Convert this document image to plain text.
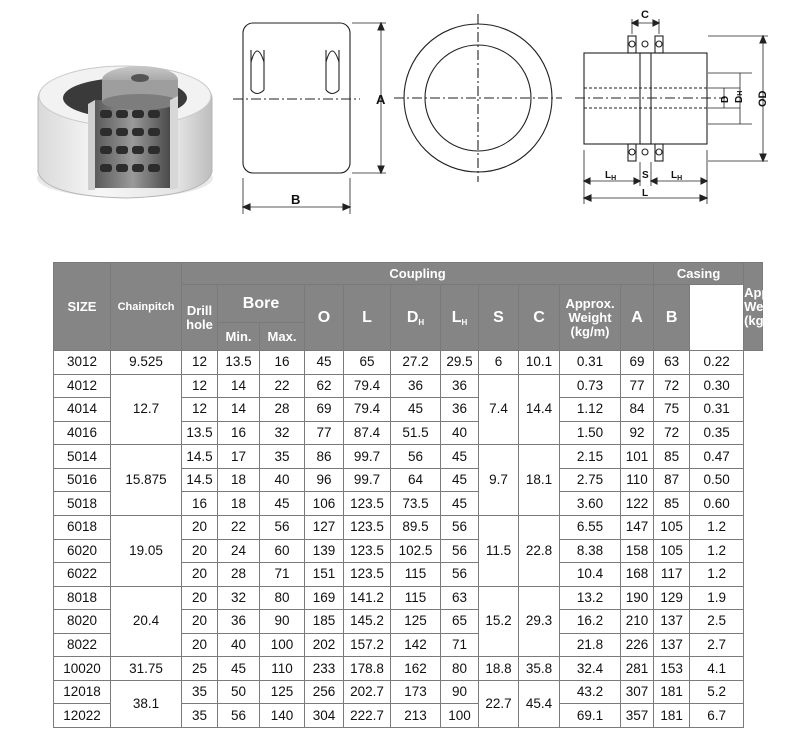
A
B
C
D DH OD
$L_H$	S $L_H$
L
SIZE	Chainpitch	Coupling											Casing		Approx.
Weight
(kg/m)

		Drill
hole	Bore		O	L	$D_H$	$L_H$	S	C	Approx.
Weight
(kg/m)	A	B		
			Min.	Max.											
3012	9.525	12	13.5	16	45	65	27.2	29.5	6	10.1	0.31	69	63	0.22	
4012	12.7	12	14	22	62	79.4	36	36	7.4	14.4	0.73	77	72	0.30	
4014		12	14	28	69	79.4	45	36			1.12	84	75	0.31	
4016		13.5	16	32	77	87.4	51.5	40			1.50	92	72	0.35	
5014	15.875	14.5	17	35	86	99.7	56	45	9.7	18.1	2.15	101	85	0.47	
5016		14.5	18	40	96	99.7	64	45			2.75	110	87	0.50	
5018		16	18	45	106	123.5	73.5	45			3.60	122	85	0.60	
6018	19.05	20	22	56	127	123.5	89.5	56	11.5	22.8	6.55	147	105	1.2	
6020		20	24	60	139	123.5	102.5	56			8.38	158	105	1.2	
6022		20	28	71	151	123.5	115	56			10.4	168	117	1.2	
8018	20.4	20	32	80	169	141.2	115	63	15.2	29.3	13.2	190	129	1.9	
8020		20	36	90	185	145.2	125	65			16.2	210	137	2.5	
8022		20	40	100	202	157.2	142	71			21.8	226	137	2.7	
10020	31.75	25	45	110	233	178.8	162	80	18.8	35.8	32.4	281	153	4.1	
12018	38.1	35	50	125	256	202.7	173	90	22.7	45.4	43.2	307	181	5.2	
12022		35	56	140	304	222.7	213	100			69.1	357	181	6.7	
